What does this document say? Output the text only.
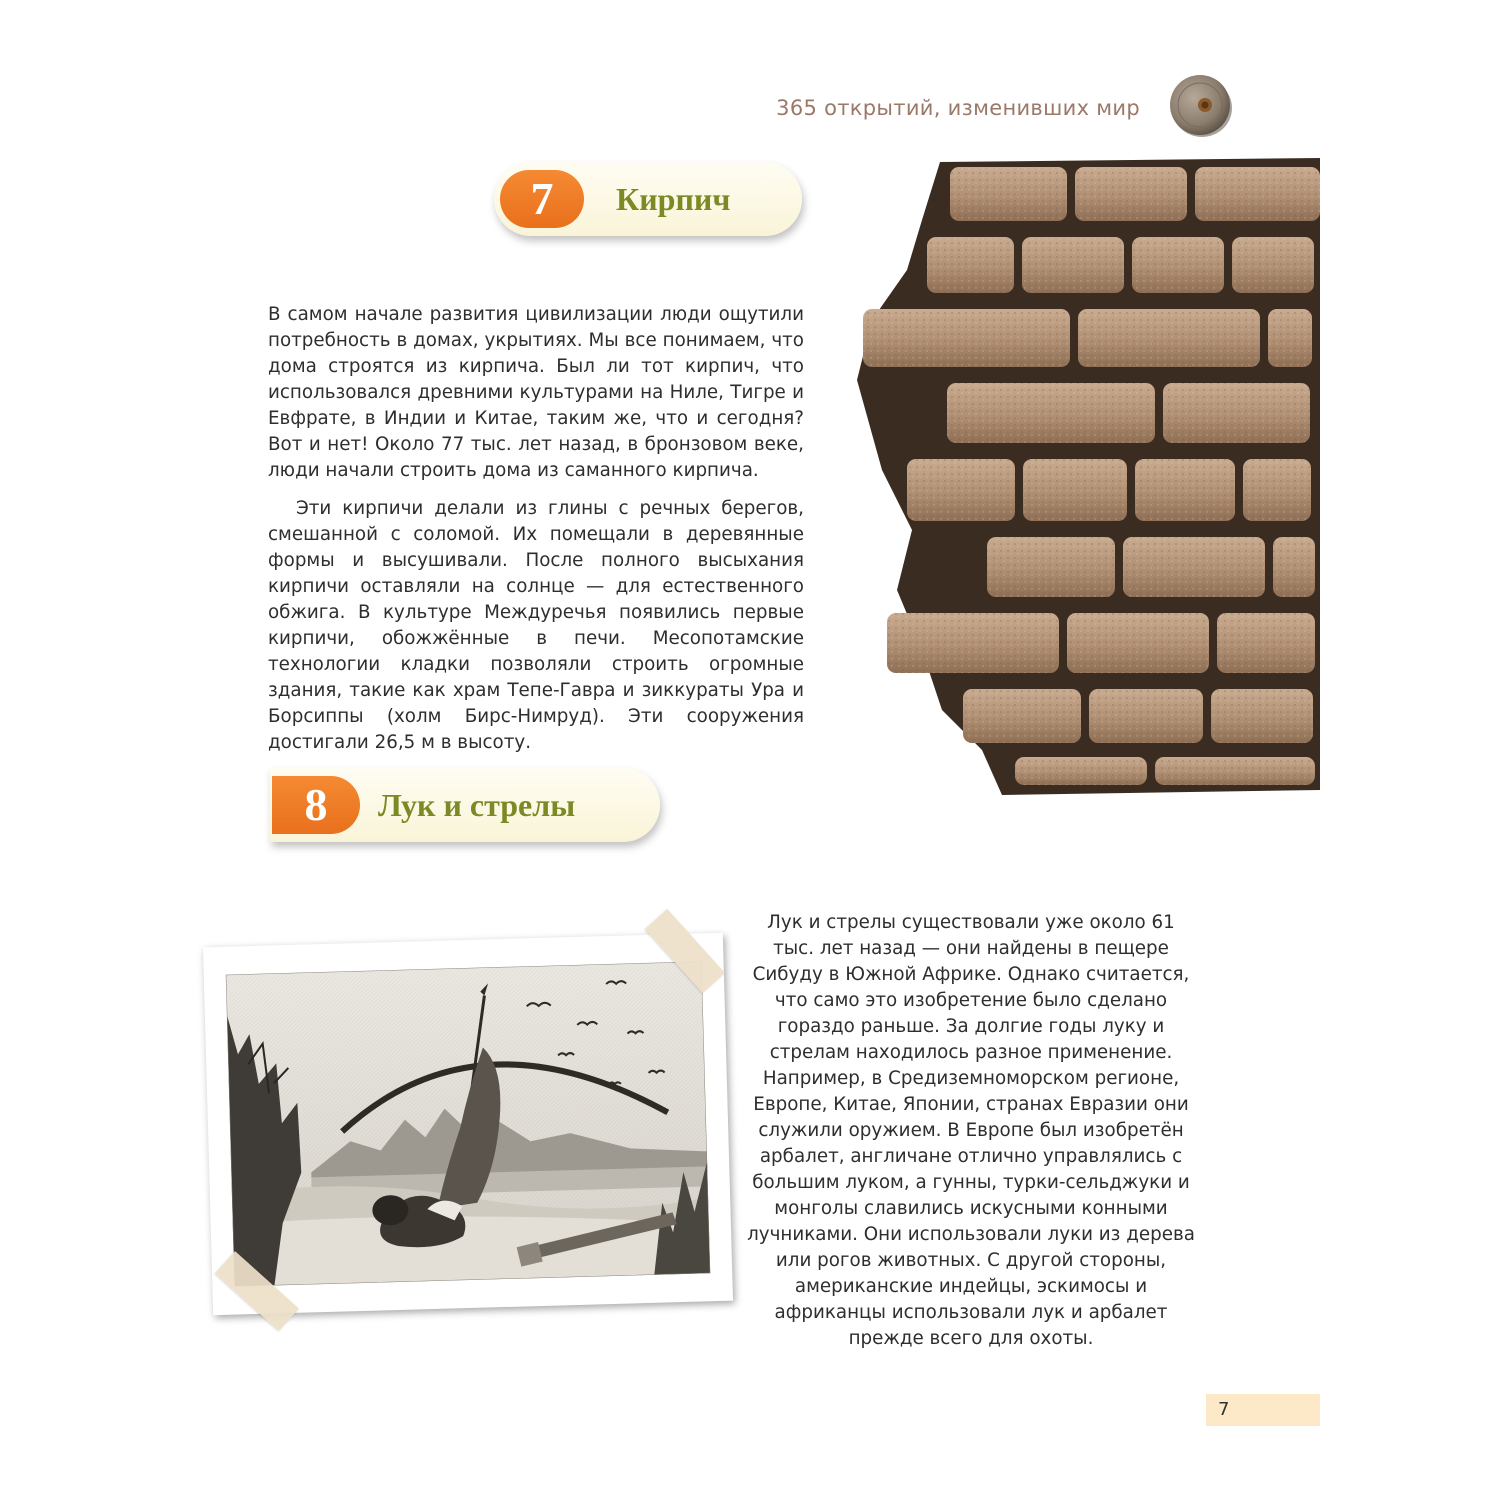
365 открытий, изменивших мир
7	Кирпич

В самом начале развития цивилизации люди ощутили потребность в домах, укрытиях. Мы все понимаем, что дома строятся из кирпича. Был ли тот кирпич, что использовался древними культурами на Ниле, Тигре и Евфрате, в Индии и Китае, таким же, что и сегодня? Вот и нет! Около 77 тыс. лет назад, в бронзовом веке, люди начали строить дома из саманного кирпича.

Эти кирпичи делали из глины с речных берегов, смешанной с соломой. Их помещали в деревянные формы и высушивали. После полного высыхания кирпичи оставляли на солнце — для естественного обжига. В культуре Междуречья появились первые кирпичи, обожжённые в печи. Месопотамские технологии кладки позволяли строить огромные здания, такие как храм Тепе-Гавра и зиккураты Ура и Борсиппы (холм Бирс-Нимруд). Эти сооружения достигали 26,5 м в высоту.

8	Лук и стрелы

Лук и стрелы существовали уже около 61 тыс. лет назад — они найдены в пещере Сибуду в Южной Африке. Однако считается, что само это изобретение было сделано гораздо раньше. За долгие годы луку и стрелам находилось разное применение. Например, в Средиземноморском регионе, Европе, Китае, Японии, странах Евразии они служили оружием. В Европе был изобретён арбалет, англичане отлично управлялись с большим луком, а гунны, турки-сельджуки и монголы славились искусными конными лучниками. Они использовали луки из дерева или рогов животных. С другой стороны, американские индейцы, эскимосы и африканцы использовали лук и арбалет прежде всего для охоты.

7
